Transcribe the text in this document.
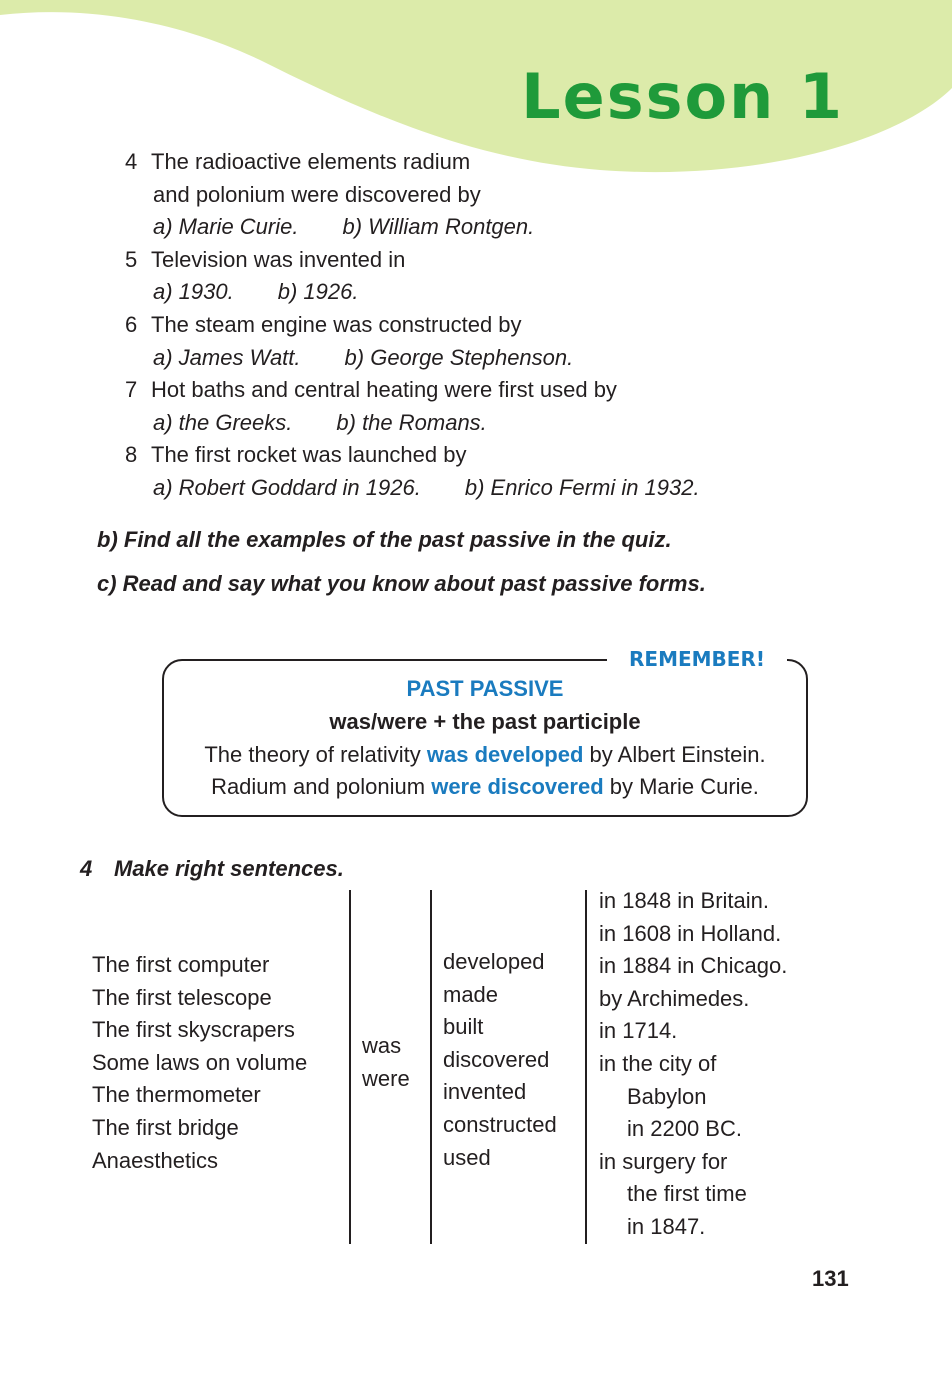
Lesson 1
4 The radioactive elements radium
and polonium were discovered by
a) Marie Curie. b) William Rontgen.
5 Television was invented in
a) 1930. b) 1926.
6 The steam engine was constructed by
a) James Watt. b) George Stephenson.
7 Hot baths and central heating were first used by
a) the Greeks. b) the Romans.
8 The first rocket was launched by
a) Robert Goddard in 1926. b) Enrico Fermi in 1932.
b) Find all the examples of the past passive in the quiz.
c) Read and say what you know about past passive forms.
REMEMBER!
PAST PASSIVE
was/were + the past participle
The theory of relativity was developed by Albert Einstein.
Radium and polonium were discovered by Marie Curie.
4 Make right sentences.
The first computer
The first telescope
The first skyscrapers
Some laws on volume
The thermometer
The first bridge
Anaesthetics
was
were
developed
made
built
discovered
invented
constructed
used
in 1848 in Britain.
in 1608 in Holland.
in 1884 in Chicago.
by Archimedes.
in 1714.
in the city of
Babylon
in 2200 BC.
in surgery for
the first time
in 1847.
131
